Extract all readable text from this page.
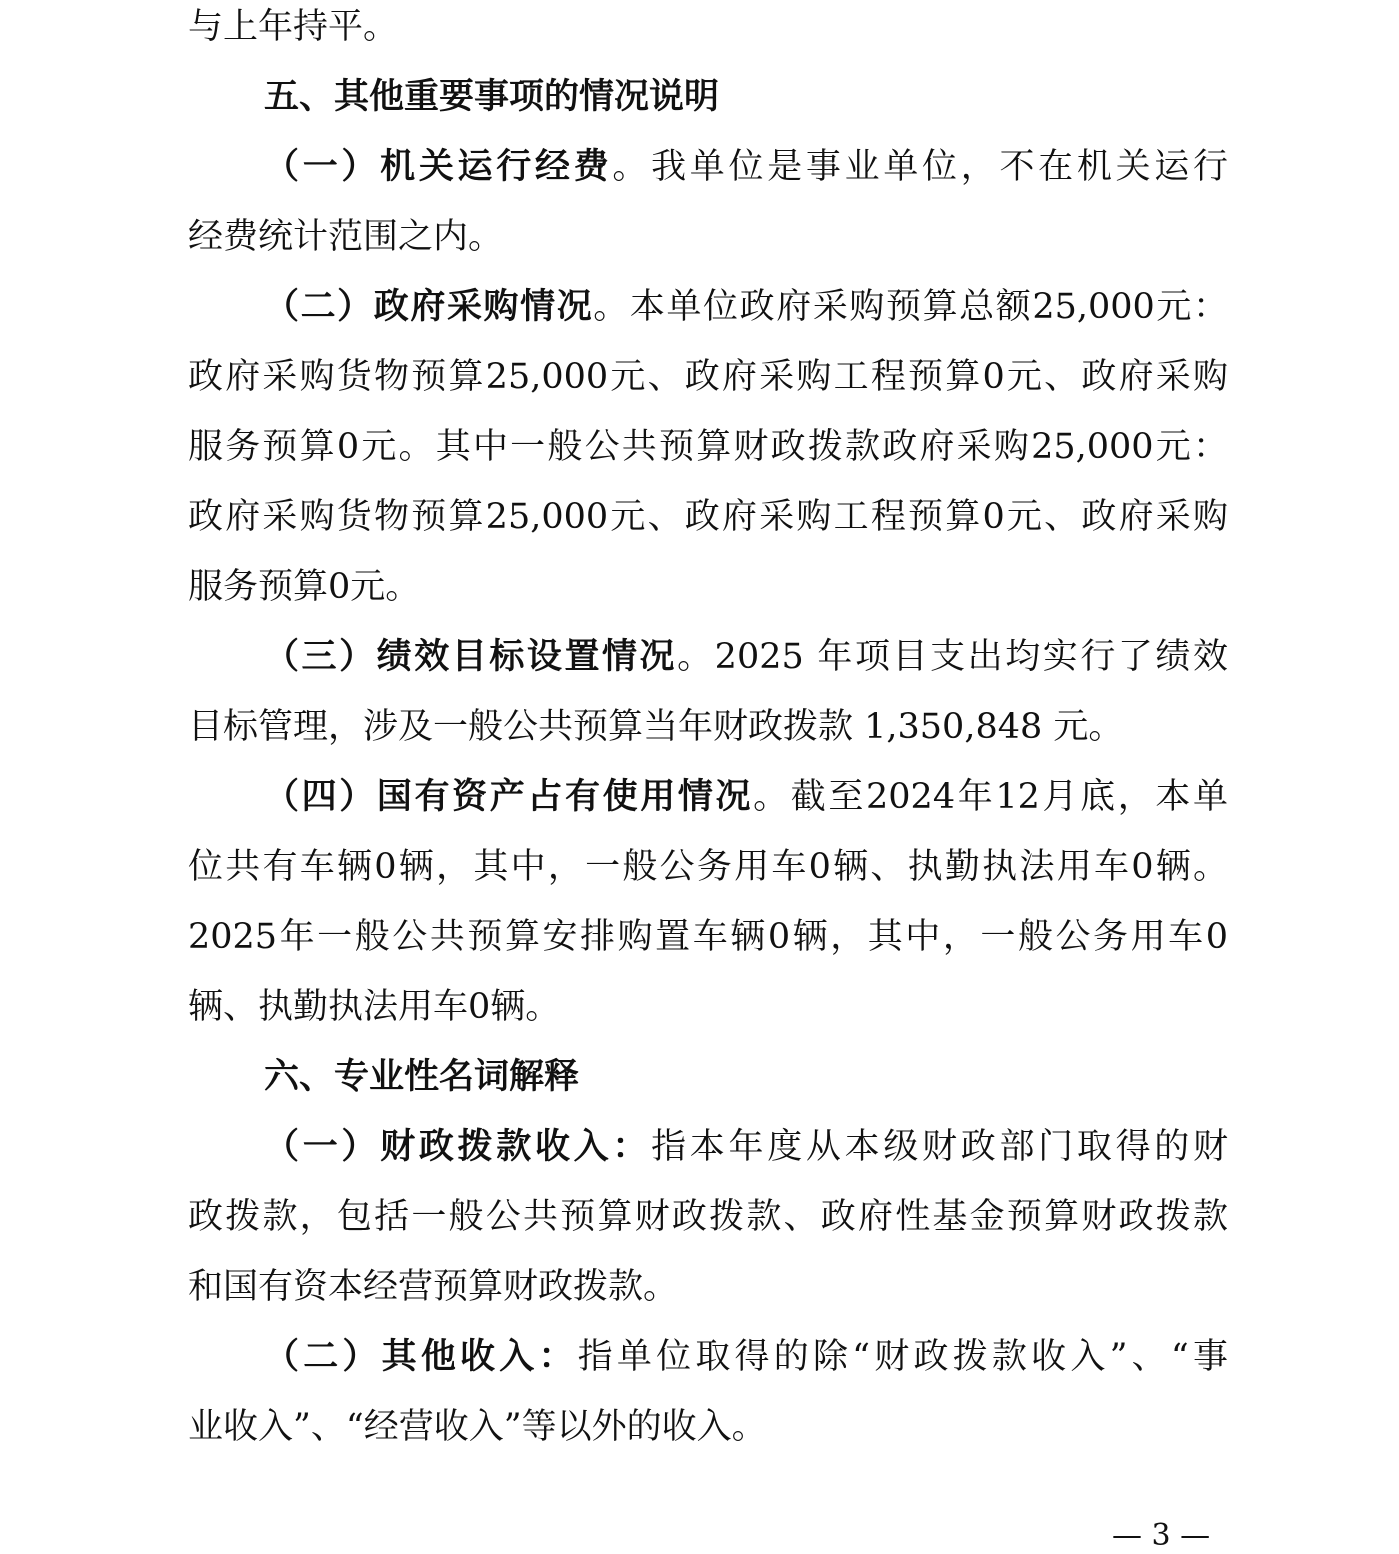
与上年持平。
五、其他重要事项的情况说明
（一）机关运行经费。我单位是事业单位，不在机关运行
经费统计范围之内。
（二）政府采购情况。本单位政府采购预算总额25,000元：
政府采购货物预算25,000元、政府采购工程预算0元、政府采购
服务预算0元。其中一般公共预算财政拨款政府采购25,000元：
政府采购货物预算25,000元、政府采购工程预算0元、政府采购
服务预算0元。
（三）绩效目标设置情况。2025 年项目支出均实行了绩效
目标管理，涉及一般公共预算当年财政拨款 1,350,848 元。
（四）国有资产占有使用情况。截至2024年12月底，本单
位共有车辆0辆，其中，一般公务用车0辆、执勤执法用车0辆。
2025年一般公共预算安排购置车辆0辆，其中，一般公务用车0
辆、执勤执法用车0辆。
六、专业性名词解释
（一）财政拨款收入：指本年度从本级财政部门取得的财
政拨款，包括一般公共预算财政拨款、政府性基金预算财政拨款
和国有资本经营预算财政拨款。
（二）其他收入：指单位取得的除“财政拨款收入”、“事
业收入”、“经营收入”等以外的收入。
— 3 —
